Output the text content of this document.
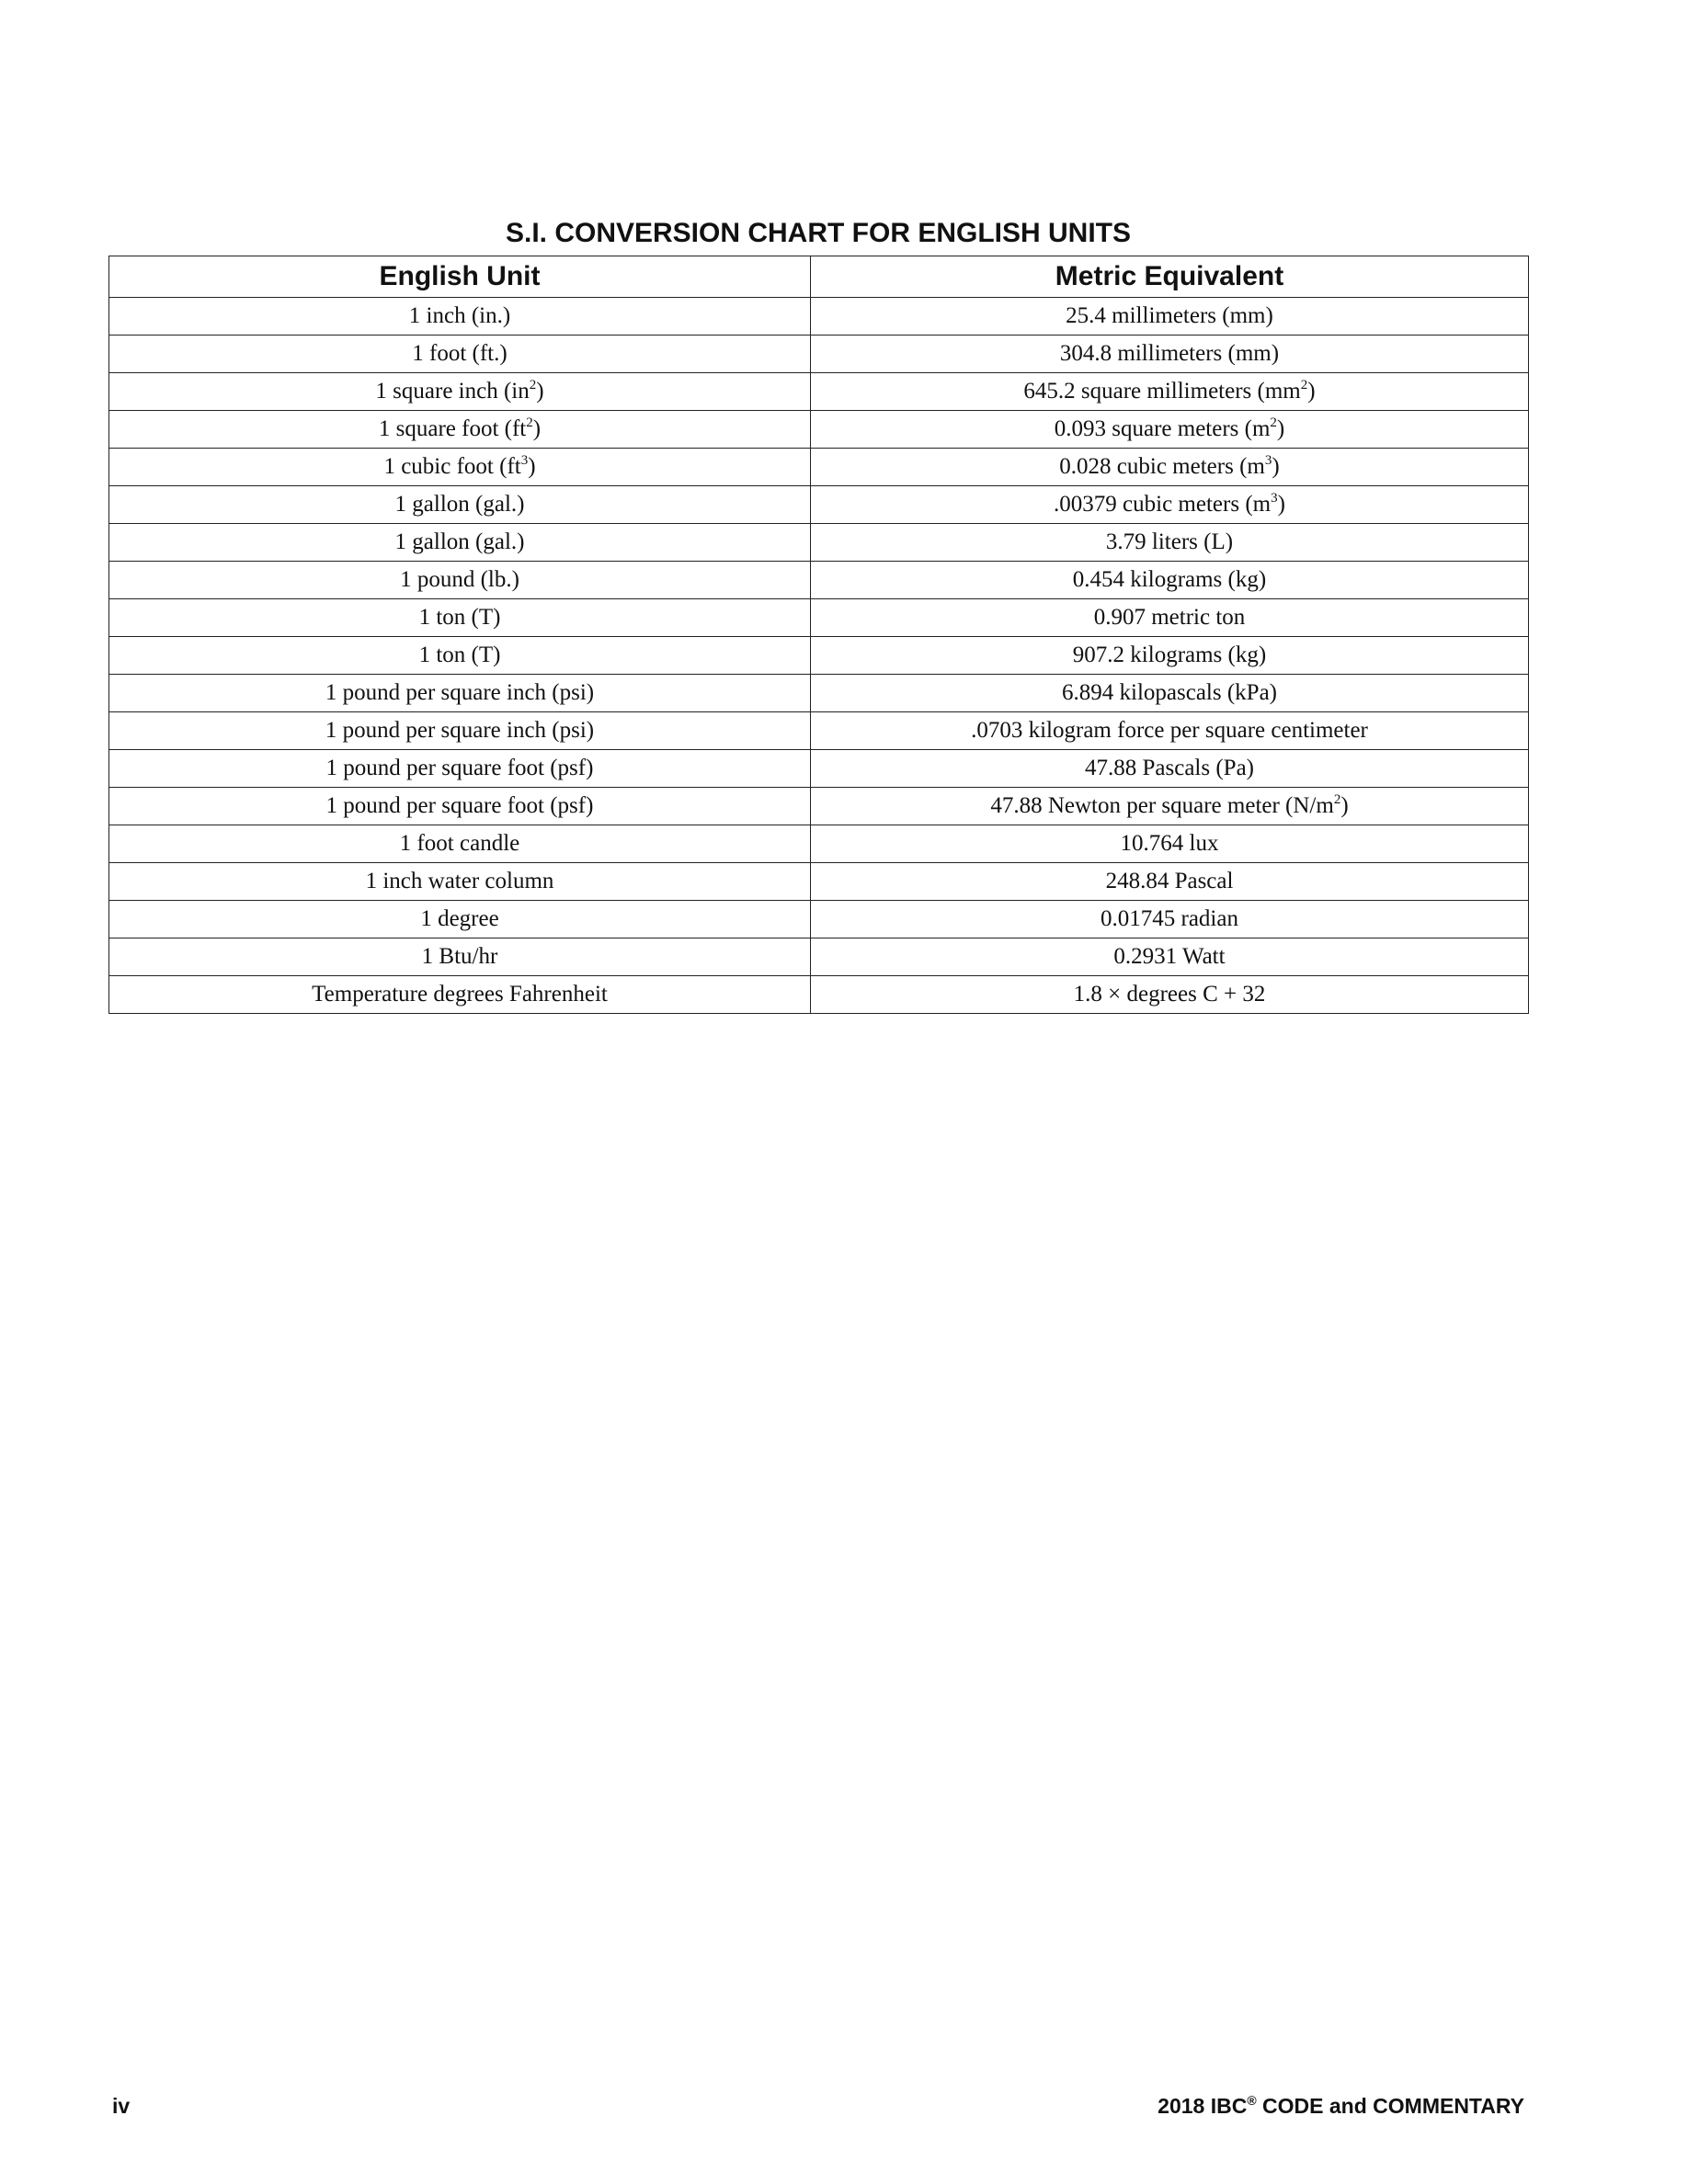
S.I. CONVERSION CHART FOR ENGLISH UNITS
English Unit	Metric Equivalent
1 inch (in.)	25.4 millimeters (mm)
1 foot (ft.)	304.8 millimeters (mm)
1 square inch $(in^2)$	645.2 square millimeters $(mm^2)$
1 square foot $(ft^2)$	0.093 square meters $(m^2)$
1 cubic foot $(ft^3)$	0.028 cubic meters $(m^3)$
1 gallon (gal.)	.00379 cubic meters $(m^3)$
1 gallon (gal.)	3.79 liters (L)
1 pound (lb.)	0.454 kilograms (kg)
1 ton (T)	0.907 metric ton
1 ton (T)	907.2 kilograms (kg)
1 pound per square inch (psi)	6.894 kilopascals (kPa)
1 pound per square inch (psi)	.0703 kilogram force per square centimeter
1 pound per square foot (psf)	47.88 Pascals (Pa)
1 pound per square foot (psf)	47.88 Newton per square meter $(N/m^2)$
1 foot candle	10.764 lux
1 inch water column	248.84 Pascal
1 degree	0.01745 radian
1 Btu/hr	0.2931 Watt
Temperature degrees Fahrenheit	1.8 × degrees C + 32
iv	2018 IBC® CODE and COMMENTARY
